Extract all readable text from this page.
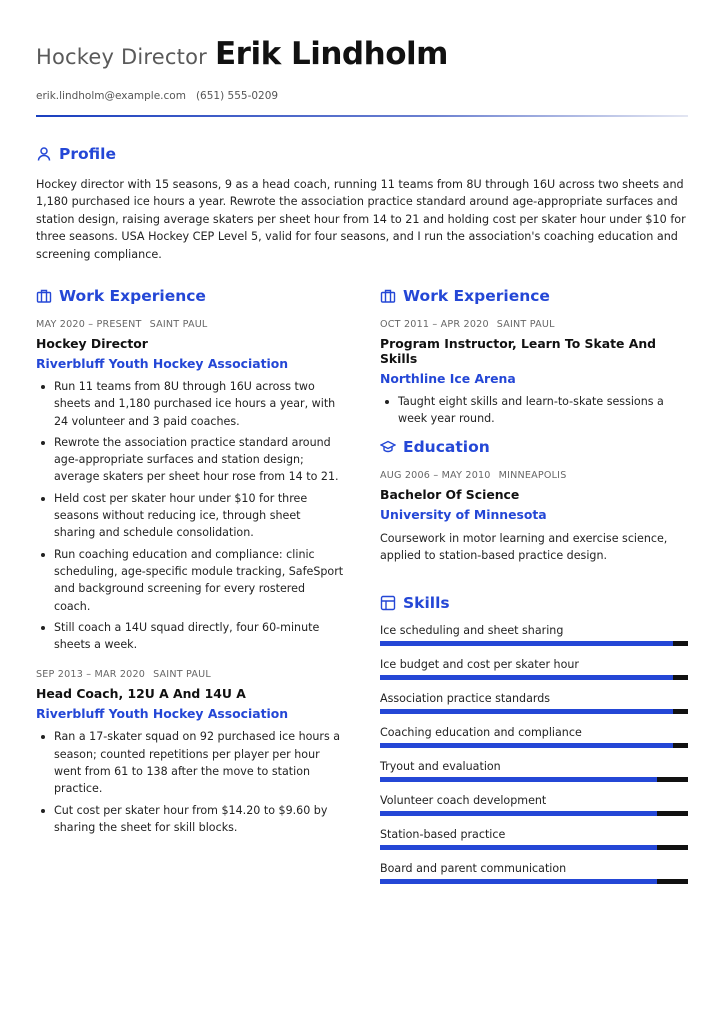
Hockey Director Erik Lindholm
erik.lindholm@example.com (651) 555-0209
Profile

Hockey director with 15 seasons, 9 as a head coach, running 11 teams from 8U through 16U across two sheets and 1,180 purchased ice hours a year. Rewrote the association practice standard around age-appropriate surfaces and station design, raising average skaters per sheet hour from 14 to 21 and holding cost per skater hour under $10 for three seasons. USA Hockey CEP Level 5, valid for four seasons, and I run the association's coaching education and screening compliance.

Work Experience
MAY 2020 – PRESENT SAINT PAUL
Hockey Director
Riverbluff Youth Hockey Association
Run 11 teams from 8U through 16U across two sheets and 1,180 purchased ice hours a year, with 24 volunteer and 3 paid coaches.
Rewrote the association practice standard around age-appropriate surfaces and station design; average skaters per sheet hour rose from 14 to 21.
Held cost per skater hour under $10 for three seasons without reducing ice, through sheet sharing and schedule consolidation.
Run coaching education and compliance: clinic scheduling, age-specific module tracking, SafeSport and background screening for every rostered coach.
Still coach a 14U squad directly, four 60-minute sheets a week.
SEP 2013 – MAR 2020 SAINT PAUL
Head Coach, 12U A And 14U A
Riverbluff Youth Hockey Association
Ran a 17-skater squad on 92 purchased ice hours a season; counted repetitions per player per hour went from 61 to 138 after the move to station practice.
Cut cost per skater hour from $14.20 to $9.60 by sharing the sheet for skill blocks.
Work Experience
OCT 2011 – APR 2020 SAINT PAUL
Program Instructor, Learn To Skate And Skills
Northline Ice Arena
Taught eight skills and learn-to-skate sessions a week year round.
Education
AUG 2006 – MAY 2010 MINNEAPOLIS
Bachelor Of Science
University of Minnesota

Coursework in motor learning and exercise science, applied to station-based practice design.

Skills
Ice scheduling and sheet sharing
Ice budget and cost per skater hour
Association practice standards
Coaching education and compliance
Tryout and evaluation
Volunteer coach development
Station-based practice
Board and parent communication
